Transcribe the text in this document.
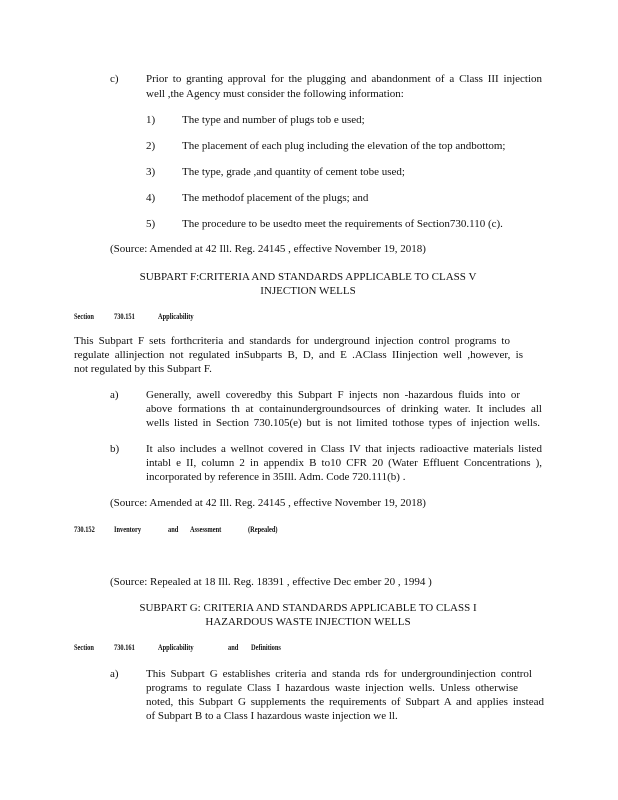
c) Prior to granting approval for the plugging and abandonment of a Class III injection
well ,the Agency must consider the following information:
1) The type and number of plugs tob e used;
2) The placement of each plug including the elevation of the top andbottom;
3) The type, grade ,and quantity of cement tobe used;
4) The methodof placement of the plugs; and
5) The procedure to be usedto meet the requirements of Section730.110 (c).
(Source: Amended at 42 Ill. Reg. 24145 , effective November 19, 2018)
SUBPART F:CRITERIA AND STANDARDS APPLICABLE TO CLASS V
INJECTION WELLS
Section	730.151	Applicability
This Subpart F sets forthcriteria and standards for underground injection control programs to
regulate allinjection not regulated inSubparts B, D, and E .AClass IIinjection well ,however, is
not regulated by this Subpart F.
a) Generally, awell coveredby this Subpart F injects non -hazardous fluids into or
above formations th at containundergroundsources of drinking water. It includes all
wells listed in Section 730.105(e) but is not limited tothose types of injection wells.
b) It also includes a wellnot covered in Class IV that injects radioactive materials listed
intabl e II, column 2 in appendix B to10 CFR 20 (Water Effluent Concentrations ),
incorporated by reference in 35Ill. Adm. Code 720.111(b) .
(Source: Amended at 42 Ill. Reg. 24145 , effective November 19, 2018)
730.152 Inventory	and Assessment	(Repealed)
(Source: Repealed at 18 Ill. Reg. 18391 , effective Dec ember 20 , 1994 )
SUBPART G: CRITERIA AND STANDARDS APPLICABLE TO CLASS I
HAZARDOUS WASTE INJECTION WELLS
Section	730.161	Applicability	and Definitions
a) This Subpart G establishes criteria and standa rds for undergroundinjection control
programs to regulate Class I hazardous waste injection wells. Unless otherwise
noted, this Subpart G supplements the requirements of Subpart A and applies instead
of Subpart B to a Class I hazardous waste injection we ll.
